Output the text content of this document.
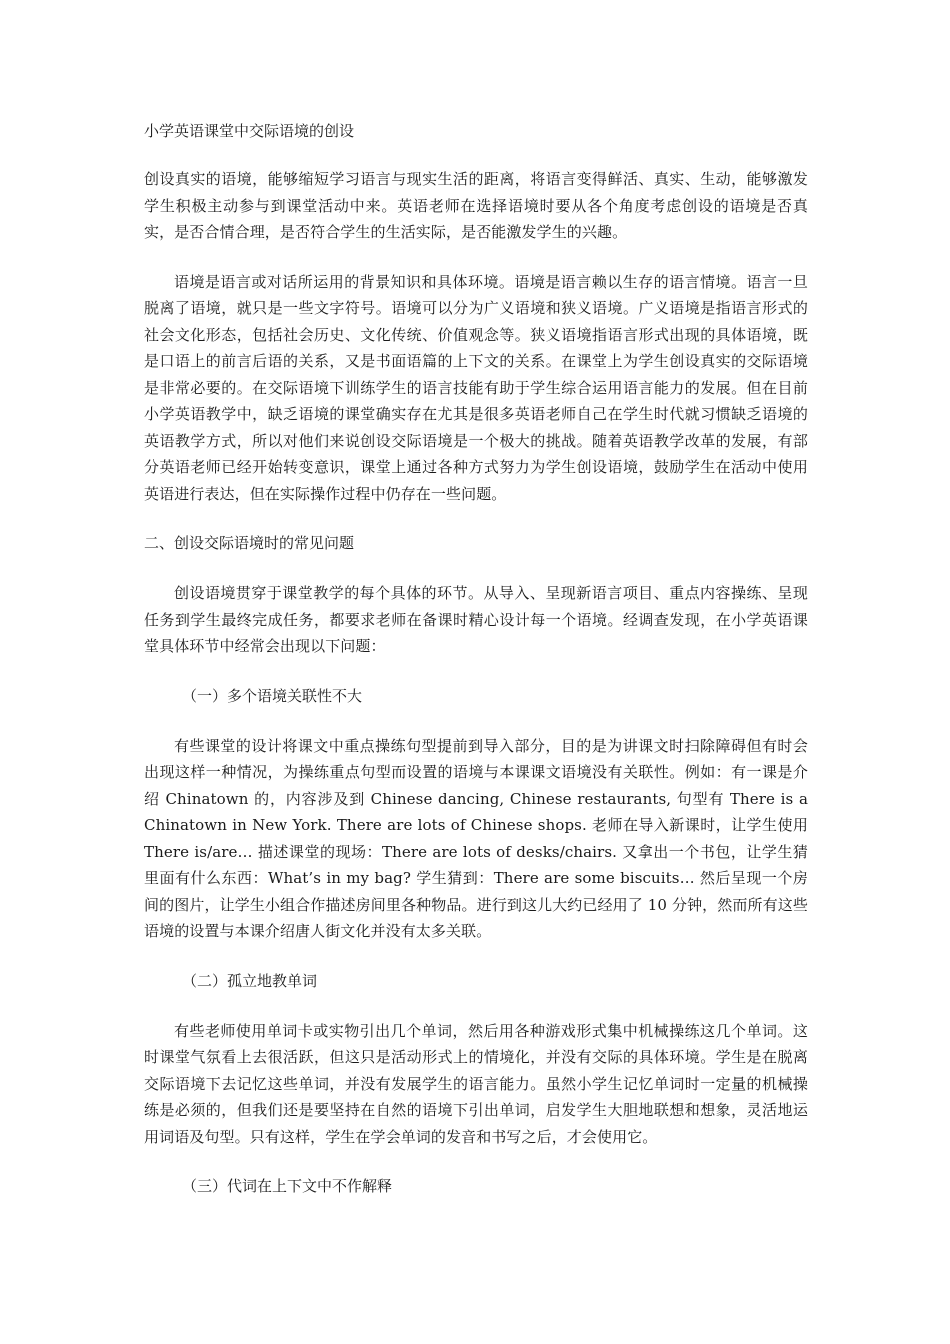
小学英语课堂中交际语境的创设

创设真实的语境，能够缩短学习语言与现实生活的距离，将语言变得鲜活、真实、生动，能够激发学生积极主动参与到课堂活动中来。英语老师在选择语境时要从各个角度考虑创设的语境是否真实，是否合情合理，是否符合学生的生活实际，是否能激发学生的兴趣。

语境是语言或对话所运用的背景知识和具体环境。语境是语言赖以生存的语言情境。语言一旦脱离了语境，就只是一些文字符号。语境可以分为广义语境和狭义语境。广义语境是指语言形式的社会文化形态，包括社会历史、文化传统、价值观念等。狭义语境指语言形式出现的具体语境，既是口语上的前言后语的关系，又是书面语篇的上下文的关系。在课堂上为学生创设真实的交际语境是非常必要的。在交际语境下训练学生的语言技能有助于学生综合运用语言能力的发展。但在目前小学英语教学中，缺乏语境的课堂确实存在尤其是很多英语老师自己在学生时代就习惯缺乏语境的英语教学方式，所以对他们来说创设交际语境是一个极大的挑战。随着英语教学改革的发展，有部分英语老师已经开始转变意识，课堂上通过各种方式努力为学生创设语境，鼓励学生在活动中使用英语进行表达，但在实际操作过程中仍存在一些问题。

二、创设交际语境时的常见问题

创设语境贯穿于课堂教学的每个具体的环节。从导入、呈现新语言项目、重点内容操练、呈现任务到学生最终完成任务，都要求老师在备课时精心设计每一个语境。经调查发现，在小学英语课堂具体环节中经常会出现以下问题：

（一）多个语境关联性不大

有些课堂的设计将课文中重点操练句型提前到导入部分，目的是为讲课文时扫除障碍但有时会出现这样一种情况，为操练重点句型而设置的语境与本课课文语境没有关联性。例如：有一课是介绍 Chinatown 的，内容涉及到 Chinese dancing, Chinese restaurants, 句型有 There is a Chinatown in New York. There are lots of Chinese shops. 老师在导入新课时，让学生使用 There is/are… 描述课堂的现场：There are lots of desks/chairs. 又拿出一个书包，让学生猜里面有什么东西：What’s in my bag? 学生猜到：There are some biscuits… 然后呈现一个房间的图片，让学生小组合作描述房间里各种物品。进行到这儿大约已经用了 10 分钟，然而所有这些语境的设置与本课介绍唐人街文化并没有太多关联。

（二）孤立地教单词

有些老师使用单词卡或实物引出几个单词，然后用各种游戏形式集中机械操练这几个单词。这时课堂气氛看上去很活跃，但这只是活动形式上的情境化，并没有交际的具体环境。学生是在脱离交际语境下去记忆这些单词，并没有发展学生的语言能力。虽然小学生记忆单词时一定量的机械操练是必须的，但我们还是要坚持在自然的语境下引出单词，启发学生大胆地联想和想象，灵活地运用词语及句型。只有这样，学生在学会单词的发音和书写之后，才会使用它。

（三）代词在上下文中不作解释
